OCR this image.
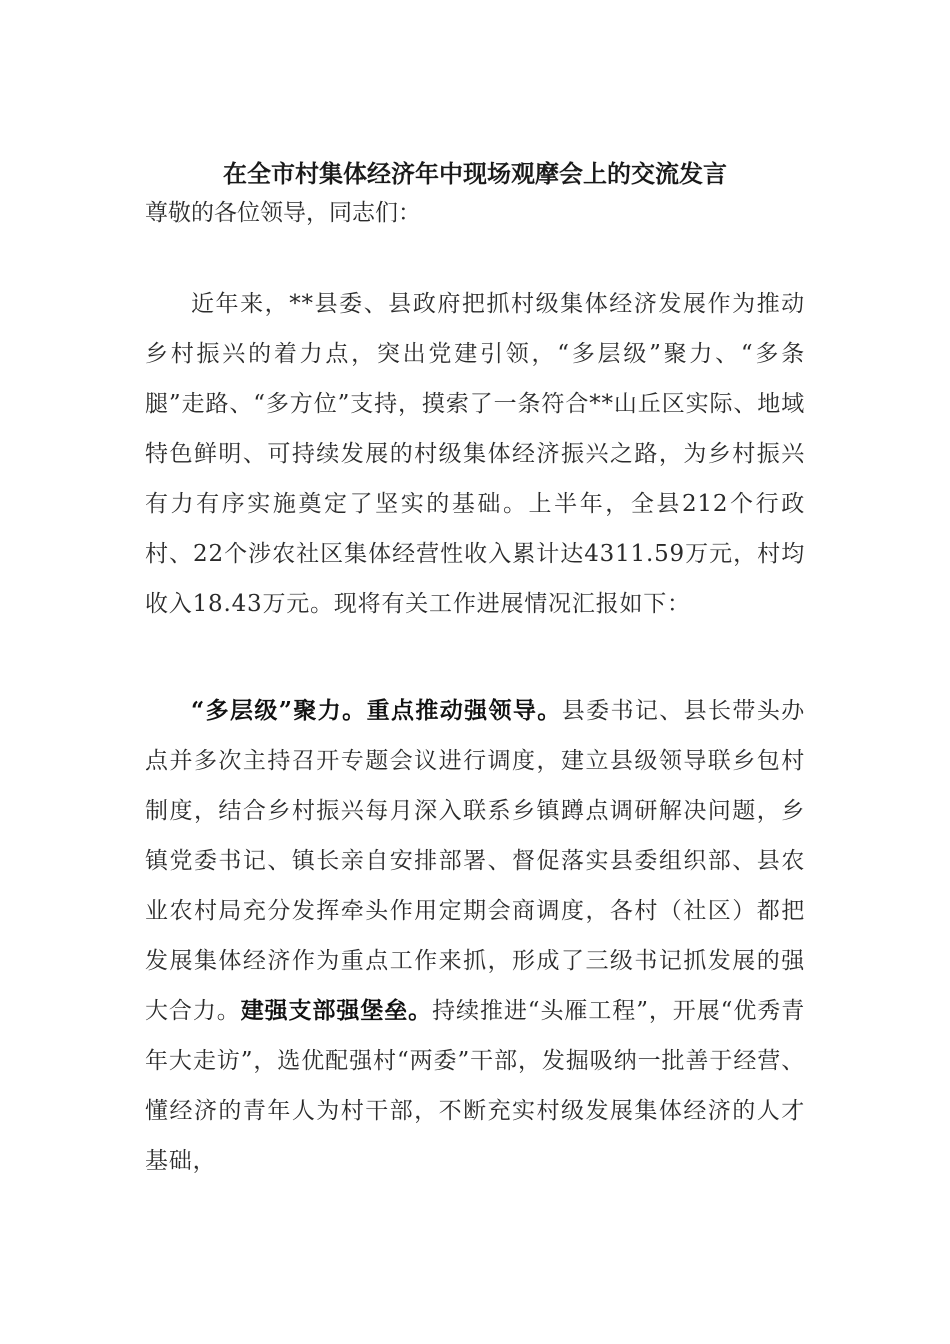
在全市村集体经济年中现场观摩会上的交流发言

尊敬的各位领导，同志们：

近年来，**县委、县政府把抓村级集体经济发展作为推动乡村振兴的着力点，突出党建引领，“多层级”聚力、“多条腿”走路、“多方位”支持，摸索了一条符合**山丘区实际、地域特色鲜明、可持续发展的村级集体经济振兴之路，为乡村振兴有力有序实施奠定了坚实的基础。上半年，全县212个行政村、22个涉农社区集体经营性收入累计达4311.59万元，村均收入18.43万元。现将有关工作进展情况汇报如下：

“多层级”聚力。重点推动强领导。县委书记、县长带头办点并多次主持召开专题会议进行调度，建立县级领导联乡包村制度，结合乡村振兴每月深入联系乡镇蹲点调研解决问题，乡镇党委书记、镇长亲自安排部署、督促落实县委组织部、县农业农村局充分发挥牵头作用定期会商调度，各村（社区）都把发展集体经济作为重点工作来抓，形成了三级书记抓发展的强大合力。建强支部强堡垒。持续推进“头雁工程”，开展“优秀青年大走访”，选优配强村“两委”干部，发掘吸纳一批善于经营、懂经济的青年人为村干部，不断充实村级发展集体经济的人才基础，
